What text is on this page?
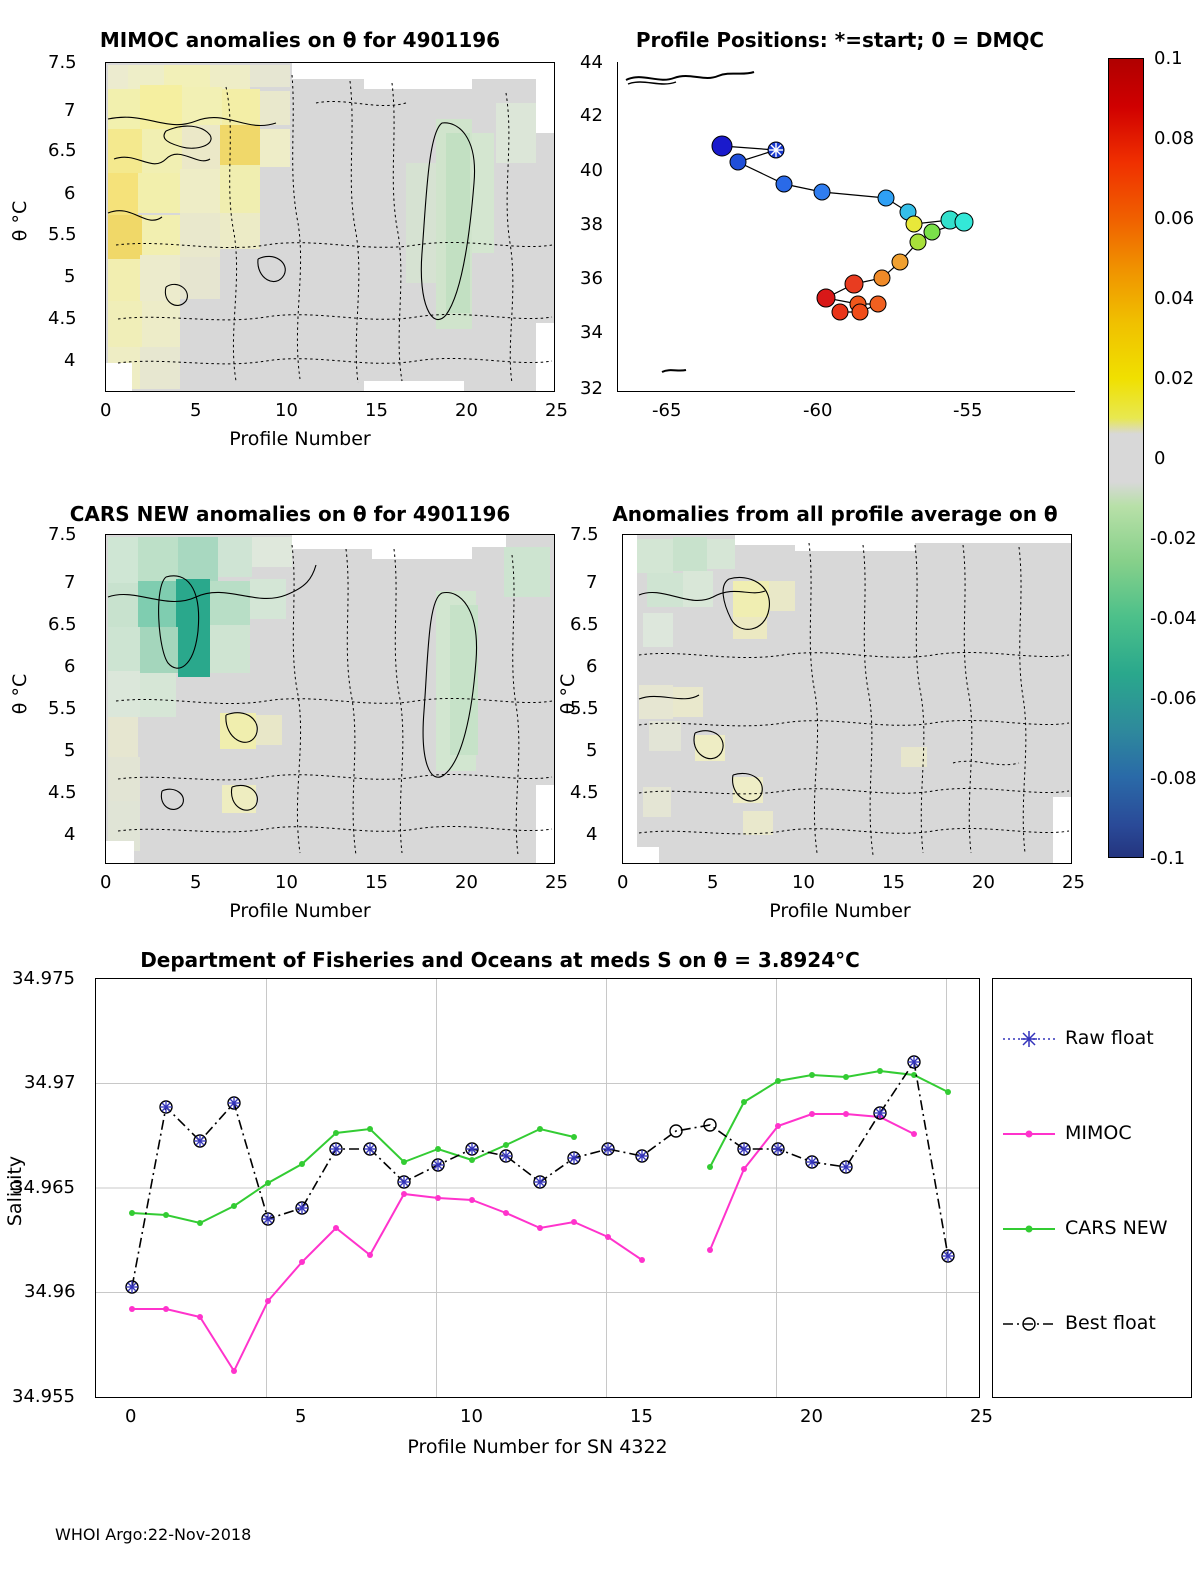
MIMOC anomalies on θ for 4901196
7.5
7
6.5
6
5.5
5
4.5
4
0	5	10	15	20	25
Profile Number
θ °C
Profile Positions: *=start; 0 = DMQC
44
42
40
38
36
34
32
-65	-60	-55
0.1
0.08
0.06
0.04
0.02
0
-0.02
-0.04
-0.06
-0.08
-0.1
CARS NEW anomalies on θ for 4901196
7.5
7
6.5
6
5.5
5
4.5
4
0	5	10	15	20	25
Profile Number
θ °C
Anomalies from all profile average on θ
7.5
7
6.5
6
5.5
5
4.5
4
0	5	10	15	20	25
Profile Number
θ °C
Department of Fisheries and Oceans at meds S on θ = 3.8924°C
34.975
34.97
34.965
34.96
34.955
0	5	10	15	20	25
Profile Number for SN 4322
Salinity
Raw float
MIMOC
CARS NEW
Best float
WHOI Argo:22-Nov-2018
